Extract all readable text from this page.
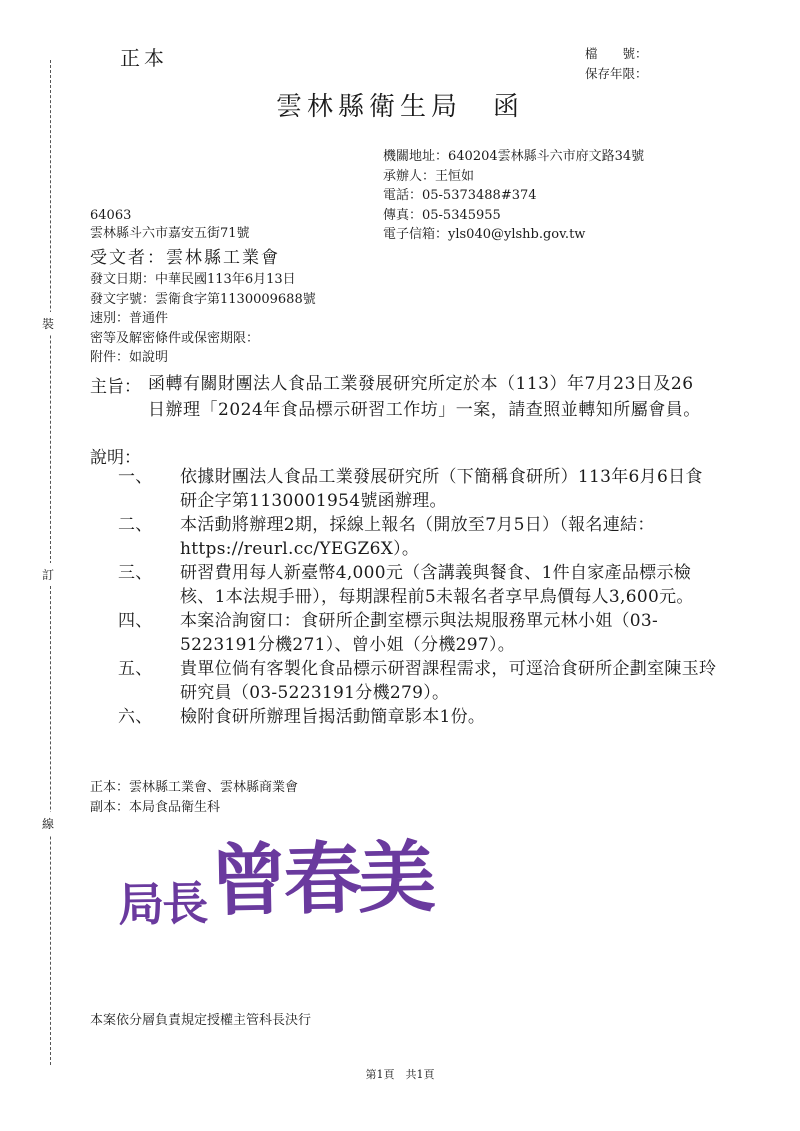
正本	檔　　號：
保存年限：
雲林縣衛生局　函
裝
訂
線
機關地址：640204雲林縣斗六市府文路34號
承辦人：王恒如
電話：05-5373488#374
傳真：05-5345955
電子信箱：yls040@ylshb.gov.tw
64063
雲林縣斗六市嘉安五街71號
受文者：雲林縣工業會
發文日期：中華民國113年6月13日
發文字號：雲衛食字第1130009688號
速別：普通件
密等及解密條件或保密期限：
附件：如說明
主旨： 函轉有關財團法人食品工業發展研究所定於本（113）年7月23日及26日辦理「2024年食品標示研習工作坊」一案，請查照並轉知所屬會員。
說明：
一、	依據財團法人食品工業發展研究所（下簡稱食研所）113年6月6日食研企字第1130001954號函辦理。
二、	本活動將辦理2期，採線上報名（開放至7月5日）（報名連結：https://reurl.cc/YEGZ6X）。
三、	研習費用每人新臺幣4,000元（含講義與餐食、1件自家產品標示檢核、1本法規手冊），每期課程前5未報名者享早鳥價每人3,600元。
四、	本案洽詢窗口：食研所企劃室標示與法規服務單元林小姐（03-5223191分機271）、曾小姐（分機297）。
五、	貴單位倘有客製化食品標示研習課程需求，可逕洽食研所企劃室陳玉玲研究員（03-5223191分機279）。
六、	檢附食研所辦理旨揭活動簡章影本1份。
正本：雲林縣工業會、雲林縣商業會
副本：本局食品衛生科
局長曾春美
本案依分層負責規定授權主管科長決行
第1頁　共1頁
